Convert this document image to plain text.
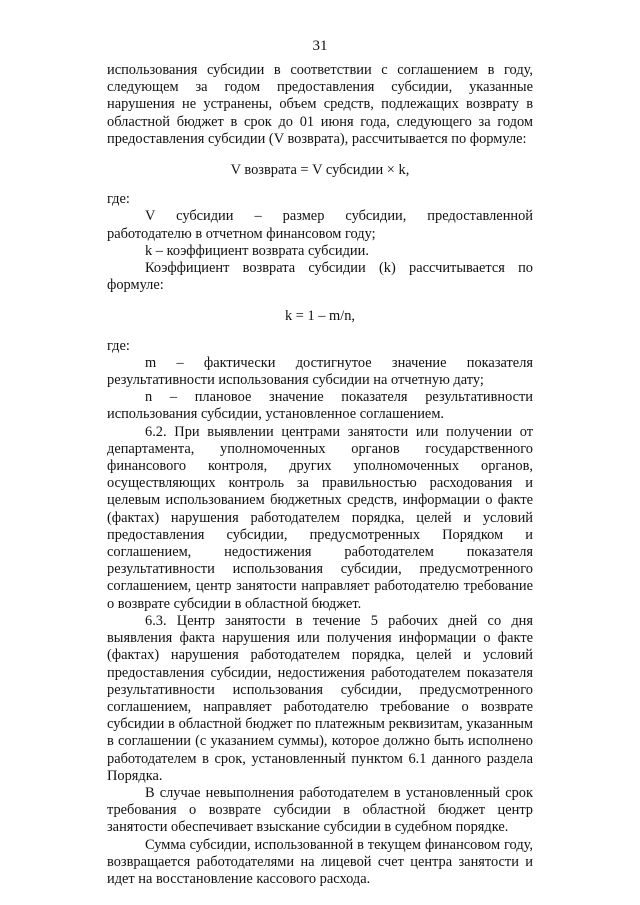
31

использования субсидии в соответствии с соглашением в году, следующем за годом предоставления субсидии, указанные нарушения не устранены, объем средств, подлежащих возврату в областной бюджет в срок до 01 июня года, следующего за годом предоставления субсидии (V возврата), рассчитывается по формуле:

V возврата = V субсидии × k,

где:

V субсидии – размер субсидии, предоставленной работодателю в отчетном финансовом году;

k – коэффициент возврата субсидии.

Коэффициент возврата субсидии (k) рассчитывается по формуле:

k = 1 – m/n,

где:

m – фактически достигнутое значение показателя результативности использования субсидии на отчетную дату;

n – плановое значение показателя результативности использования субсидии, установленное соглашением.

6.2. При выявлении центрами занятости или получении от департамента, уполномоченных органов государственного финансового контроля, других уполномоченных органов, осуществляющих контроль за правильностью расходования и целевым использованием бюджетных средств, информации о факте (фактах) нарушения работодателем порядка, целей и условий предоставления субсидии, предусмотренных Порядком и соглашением, недостижения работодателем показателя результативности использования субсидии, предусмотренного соглашением, центр занятости направляет работодателю требование о возврате субсидии в областной бюджет.

6.3. Центр занятости в течение 5 рабочих дней со дня выявления факта нарушения или получения информации о факте (фактах) нарушения работодателем порядка, целей и условий предоставления субсидии, недостижения работодателем показателя результативности использования субсидии, предусмотренного соглашением, направляет работодателю требование о возврате субсидии в областной бюджет по платежным реквизитам, указанным в соглашении (с указанием суммы), которое должно быть исполнено работодателем в срок, установленный пунктом 6.1 данного раздела Порядка.

В случае невыполнения работодателем в установленный срок требования о возврате субсидии в областной бюджет центр занятости обеспечивает взыскание субсидии в судебном порядке.

Сумма субсидии, использованной в текущем финансовом году, возвращается работодателями на лицевой счет центра занятости и идет на восстановление кассового расхода.
